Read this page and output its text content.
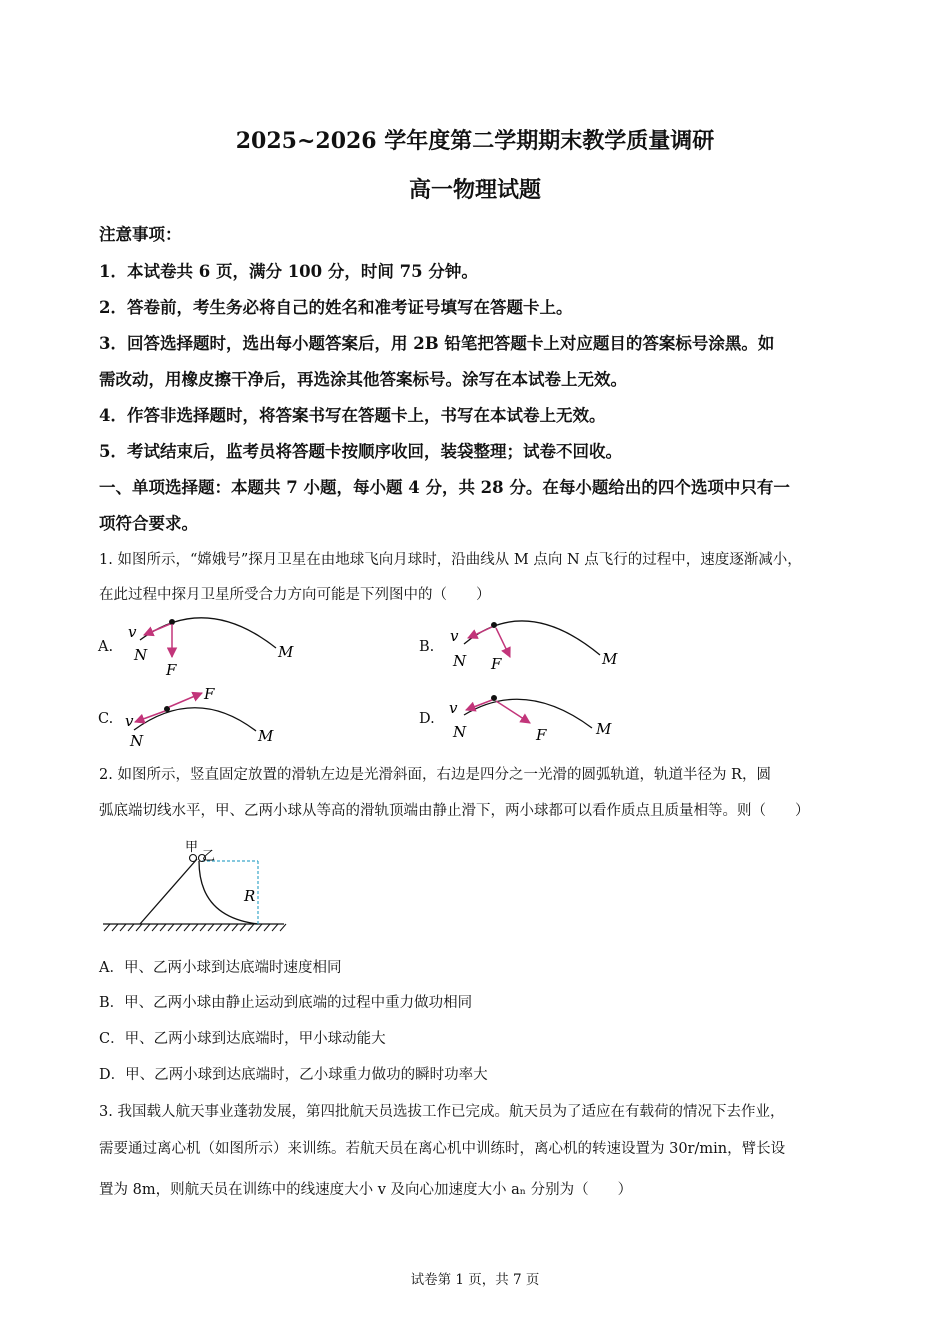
2025~2026 学年度第二学期期末教学质量调研
高一物理试题
注意事项：
1．本试卷共 6 页，满分 100 分，时间 75 分钟。
2．答卷前，考生务必将自己的姓名和准考证号填写在答题卡上。
3．回答选择题时，选出每小题答案后，用 2B 铅笔把答题卡上对应题目的答案标号涂黑。如
需改动，用橡皮擦干净后，再选涂其他答案标号。涂写在本试卷上无效。
4．作答非选择题时，将答案书写在答题卡上，书写在本试卷上无效。
5．考试结束后，监考员将答题卡按顺序收回，装袋整理；试卷不回收。
一、单项选择题：本题共 7 小题，每小题 4 分，共 28 分。在每小题给出的四个选项中只有一
项符合要求。
1. 如图所示，“嫦娥号”探月卫星在由地球飞向月球时，沿曲线从 M 点向 N 点飞行的过程中，速度逐渐减小，
在此过程中探月卫星所受合力方向可能是下列图中的（　　）
A.	B.
C.	D.
v
N
F
M
v
N F	M
v
N
F
M
v
N	F	M
甲
乙
R
2. 如图所示，竖直固定放置的滑轨左边是光滑斜面，右边是四分之一光滑的圆弧轨道，轨道半径为 R，圆
弧底端切线水平，甲、乙两小球从等高的滑轨顶端由静止滑下，两小球都可以看作质点且质量相等。则（　　）
A．甲、乙两小球到达底端时速度相同
B．甲、乙两小球由静止运动到底端的过程中重力做功相同
C．甲、乙两小球到达底端时，甲小球动能大
D．甲、乙两小球到达底端时，乙小球重力做功的瞬时功率大
3. 我国载人航天事业蓬勃发展，第四批航天员选拔工作已完成。航天员为了适应在有载荷的情况下去作业，
需要通过离心机（如图所示）来训练。若航天员在离心机中训练时，离心机的转速设置为 30r/min，臂长设
置为 8m，则航天员在训练中的线速度大小 v 及向心加速度大小 aₙ 分别为（　　）
试卷第 1 页，共 7 页
